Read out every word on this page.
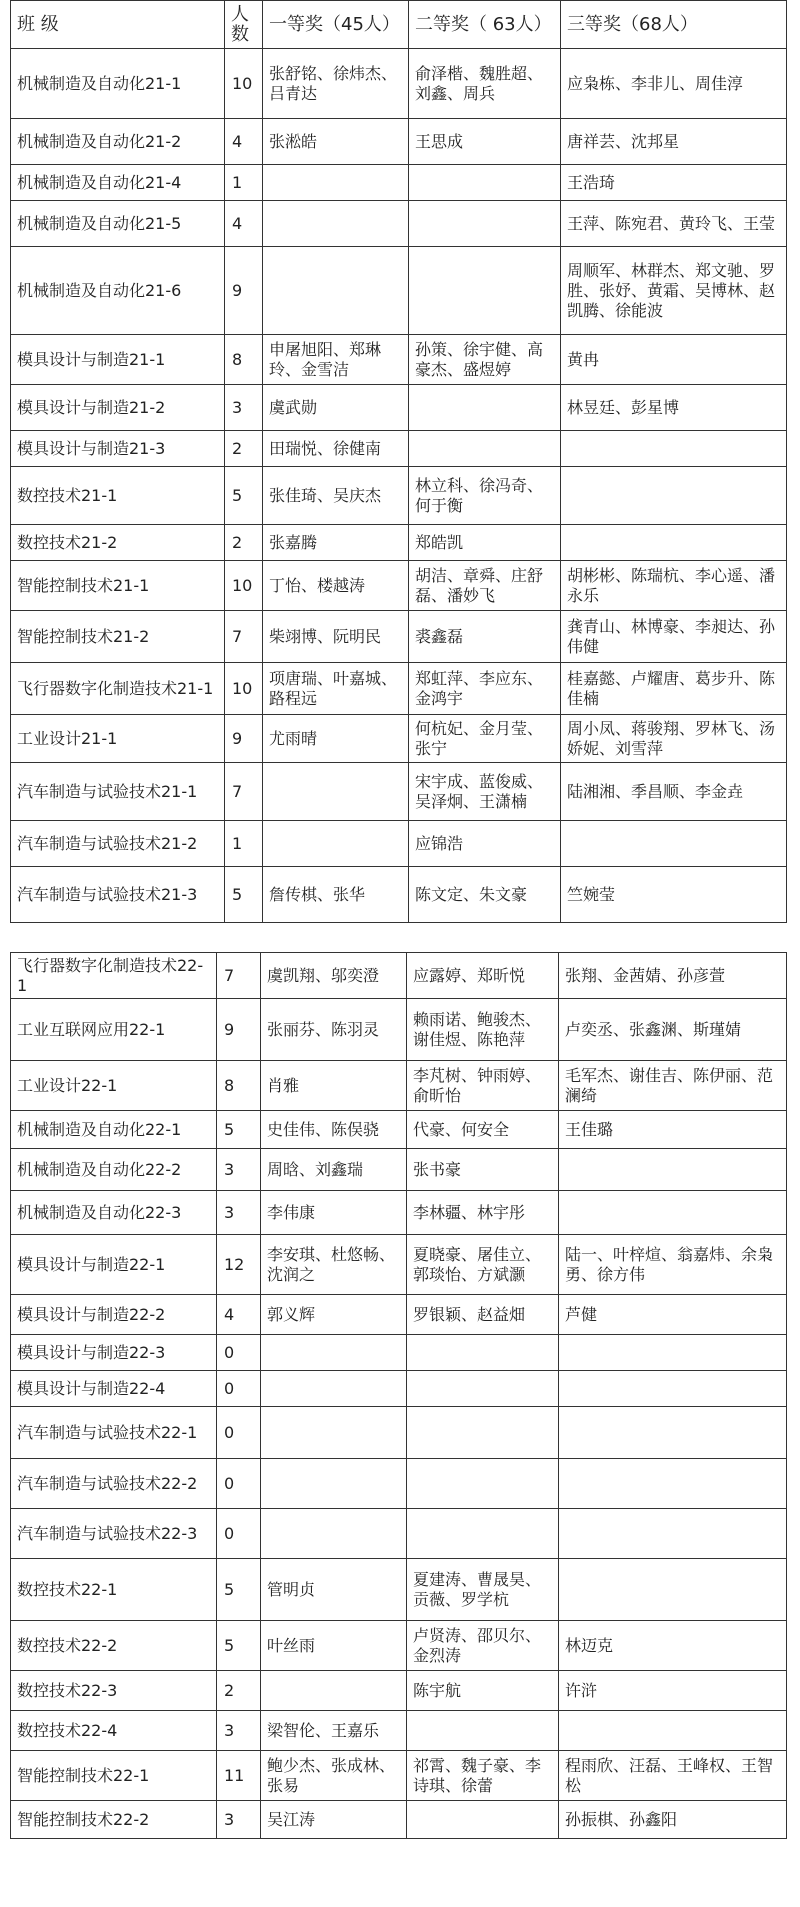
班 级	人数	一等奖（45人）	二等奖（ 63人）	三等奖（68人）
机械制造及自动化21-1	10	张舒铭、徐炜杰、吕青达	俞泽楷、魏胜超、刘鑫、周兵	应枭栋、李非儿、周佳淳
机械制造及自动化21-2	4	张淞皓	王思成	唐祥芸、沈邦星
机械制造及自动化21-4	1			王浩琦
机械制造及自动化21-5	4			王萍、陈宛君、黄玲飞、王莹
机械制造及自动化21-6	9			周顺军、林群杰、郑文驰、罗胜、张妤、黄霜、吴博林、赵凯腾、徐能波
模具设计与制造21-1	8	申屠旭阳、郑琳玲、金雪洁	孙策、徐宇健、高豪杰、盛煜婷	黄冉
模具设计与制造21-2	3	虞武勋		林昱廷、彭星博
模具设计与制造21-3	2	田瑞悦、徐健南		
数控技术21-1	5	张佳琦、吴庆杰	林立科、徐冯奇、何于衡	
数控技术21-2	2	张嘉腾	郑皓凯	
智能控制技术21-1	10	丁怡、楼越涛	胡洁、章舜、庄舒磊、潘妙飞	胡彬彬、陈瑞杭、李心遥、潘永乐
智能控制技术21-2	7	柴翊博、阮明民	裘鑫磊	龚青山、林博豪、李昶达、孙伟健
飞行器数字化制造技术21-1	10	项唐瑞、叶嘉城、路程远	郑虹萍、李应东、金鸿宇	桂嘉懿、卢耀唐、葛步升、陈佳楠
工业设计21-1	9	尤雨晴	何杭妃、金月莹、张宁	周小凤、蒋骏翔、罗林飞、汤娇妮、刘雪萍
汽车制造与试验技术21-1	7		宋宇成、蓝俊威、吴泽炯、王潇楠	陆湘湘、季昌顺、李金垚
汽车制造与试验技术21-2	1		应锦浩	
汽车制造与试验技术21-3	5	詹传棋、张华	陈文定、朱文豪	竺婉莹
飞行器数字化制造技术22-1	7	虞凯翔、邬奕澄	应露婷、郑昕悦	张翔、金茜婧、孙彦萱
工业互联网应用22-1	9	张丽芬、陈羽灵	赖雨诺、鲍骏杰、谢佳煜、陈艳萍	卢奕丞、张鑫渊、斯瑾婧
工业设计22-1	8	肖雅	李芃树、钟雨婷、俞昕怡	毛军杰、谢佳吉、陈伊丽、范澜绮
机械制造及自动化22-1	5	史佳伟、陈俣骁	代豪、何安全	王佳璐
机械制造及自动化22-2	3	周晗、刘鑫瑞	张书豪	
机械制造及自动化22-3	3	李伟康	李林疆、林宇彤	
模具设计与制造22-1	12	李安琪、杜悠畅、沈润之	夏晓豪、屠佳立、郭琰怡、方斌灏	陆一、叶梓煊、翁嘉炜、余枭勇、徐方伟
模具设计与制造22-2	4	郭义辉	罗银颖、赵益畑	芦健
模具设计与制造22-3	0			
模具设计与制造22-4	0			
汽车制造与试验技术22-1	0			
汽车制造与试验技术22-2	0			
汽车制造与试验技术22-3	0			
数控技术22-1	5	管明贞	夏建涛、曹晟昊、贡薇、罗学杭	
数控技术22-2	5	叶丝雨	卢贤涛、邵贝尔、金烈涛	林迈克
数控技术22-3	2		陈宇航	许浒
数控技术22-4	3	梁智伦、王嘉乐		
智能控制技术22-1	11	鲍少杰、张成林、张易	祁霄、魏子豪、李诗琪、徐蕾	程雨欣、汪磊、王峰权、王智松
智能控制技术22-2	3	吴江涛		孙振棋、孙鑫阳
